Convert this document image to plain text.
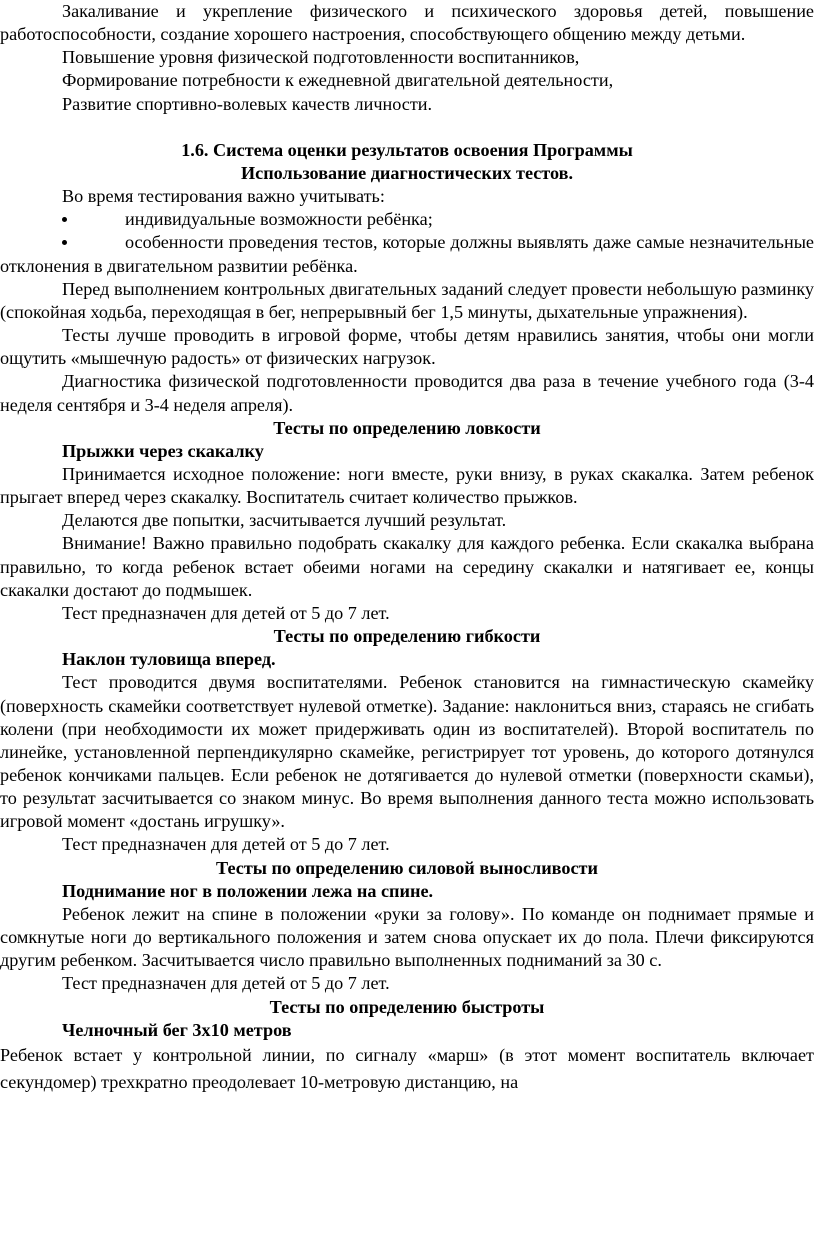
Закаливание и укрепление физического и психического здоровья детей, повышение работоспособности, создание хорошего настроения, способствующего общению между детьми.

Повышение уровня физической подготовленности воспитанников,

Формирование потребности к ежедневной двигательной деятельности,

Развитие спортивно-волевых качеств личности.

1.6. Система оценки результатов освоения Программы

Использование диагностических тестов.

Во время тестирования важно учитывать:

индивидуальные возможности ребёнка;
особенности проведения тестов, которые должны выявлять даже самые незначительные отклонения в двигательном развитии ребёнка.

Перед выполнением контрольных двигательных заданий следует провести небольшую разминку (спокойная ходьба, переходящая в бег, непрерывный бег 1,5 минуты, дыхательные упражнения).

Тесты лучше проводить в игровой форме, чтобы детям нравились занятия, чтобы они могли ощутить «мышечную радость» от физических нагрузок.

Диагностика физической подготовленности проводится два раза в течение учебного года (3-4 неделя сентября и 3-4 неделя апреля).

Тесты по определению ловкости

Прыжки через скакалку

Принимается исходное положение: ноги вместе, руки внизу, в руках скакалка. Затем ребенок прыгает вперед через скакалку. Воспитатель считает количество прыжков.

Делаются две попытки, засчитывается лучший результат.

Внимание! Важно правильно подобрать скакалку для каждого ребенка. Если скакалка выбрана правильно, то когда ребенок встает обеими ногами на середину скакалки и натягивает ее, концы скакалки достают до подмышек.

Тест предназначен для детей от 5 до 7 лет.

Тесты по определению гибкости

Наклон туловища вперед.

Тест проводится двумя воспитателями. Ребенок становится на гимнастическую скамейку (поверхность скамейки соответствует нулевой отметке). Задание: наклониться вниз, стараясь не сгибать колени (при необходимости их может придерживать один из воспитателей). Второй воспитатель по линейке, установленной перпендикулярно скамейке, регистрирует тот уровень, до которого дотянулся ребенок кончиками пальцев. Если ребенок не дотягивается до нулевой отметки (поверхности скамьи), то результат засчитывается со знаком минус. Во время выполнения данного теста можно использовать игровой момент «достань игрушку».

Тест предназначен для детей от 5 до 7 лет.

Тесты по определению силовой выносливости

Поднимание ног в положении лежа на спине.

Ребенок лежит на спине в положении «руки за голову». По команде он поднимает прямые и сомкнутые ноги до вертикального положения и затем снова опускает их до пола. Плечи фиксируются другим ребенком. Засчитывается число правильно выполненных подниманий за 30 с.

Тест предназначен для детей от 5 до 7 лет.

Тесты по определению быстроты

Челночный бег 3х10 метров

Ребенок встает у контрольной линии, по сигналу «марш» (в этот момент воспитатель включает секундомер) трехкратно преодолевает 10-метровую дистанцию, на
